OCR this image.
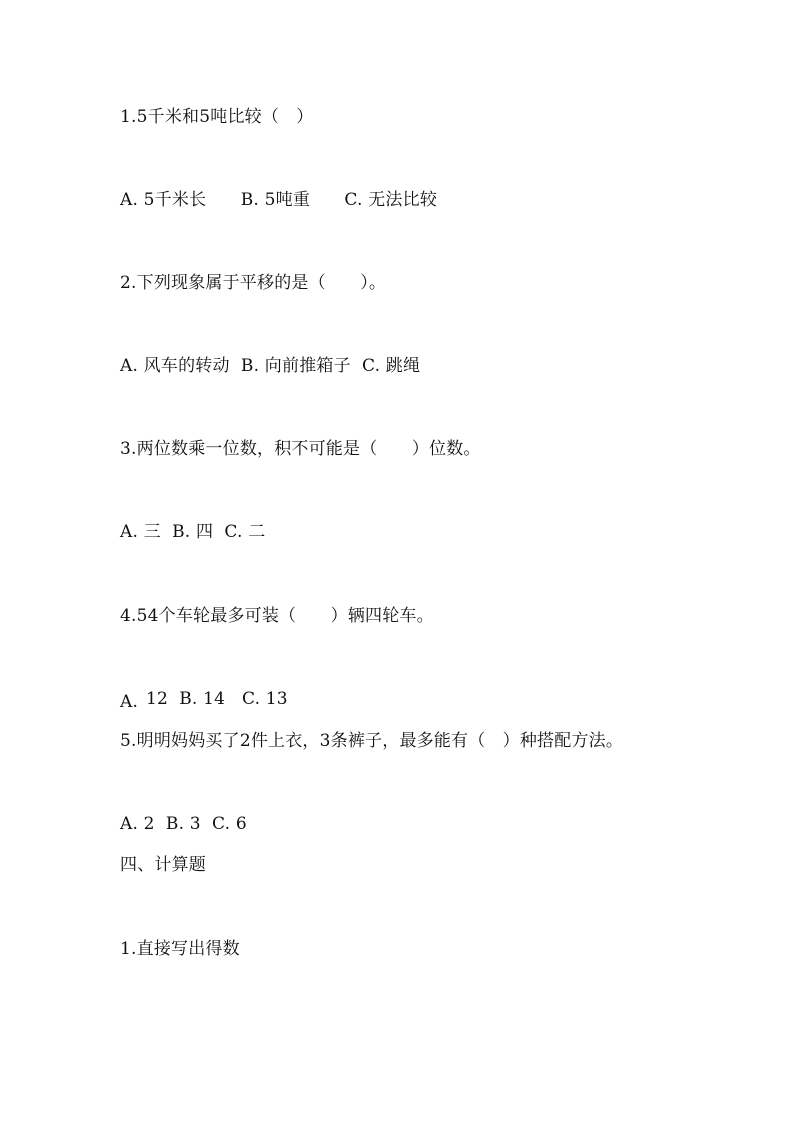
1.5千米和5吨比较（　）
A. 5千米长　　B. 5吨重　　C. 无法比较
2.下列现象属于平移的是（　　）。
A. 风车的转动  B. 向前推箱子  C. 跳绳
3.两位数乘一位数，积不可能是（　　）位数。
A. 三  B. 四  C. 二
4.54个车轮最多可装（　　）辆四轮车。
A. 12  B. 14   C. 13
5.明明妈妈买了2件上衣，3条裤子，最多能有（　）种搭配方法。
A. 2  B. 3  C. 6
四、计算题
1.直接写出得数
